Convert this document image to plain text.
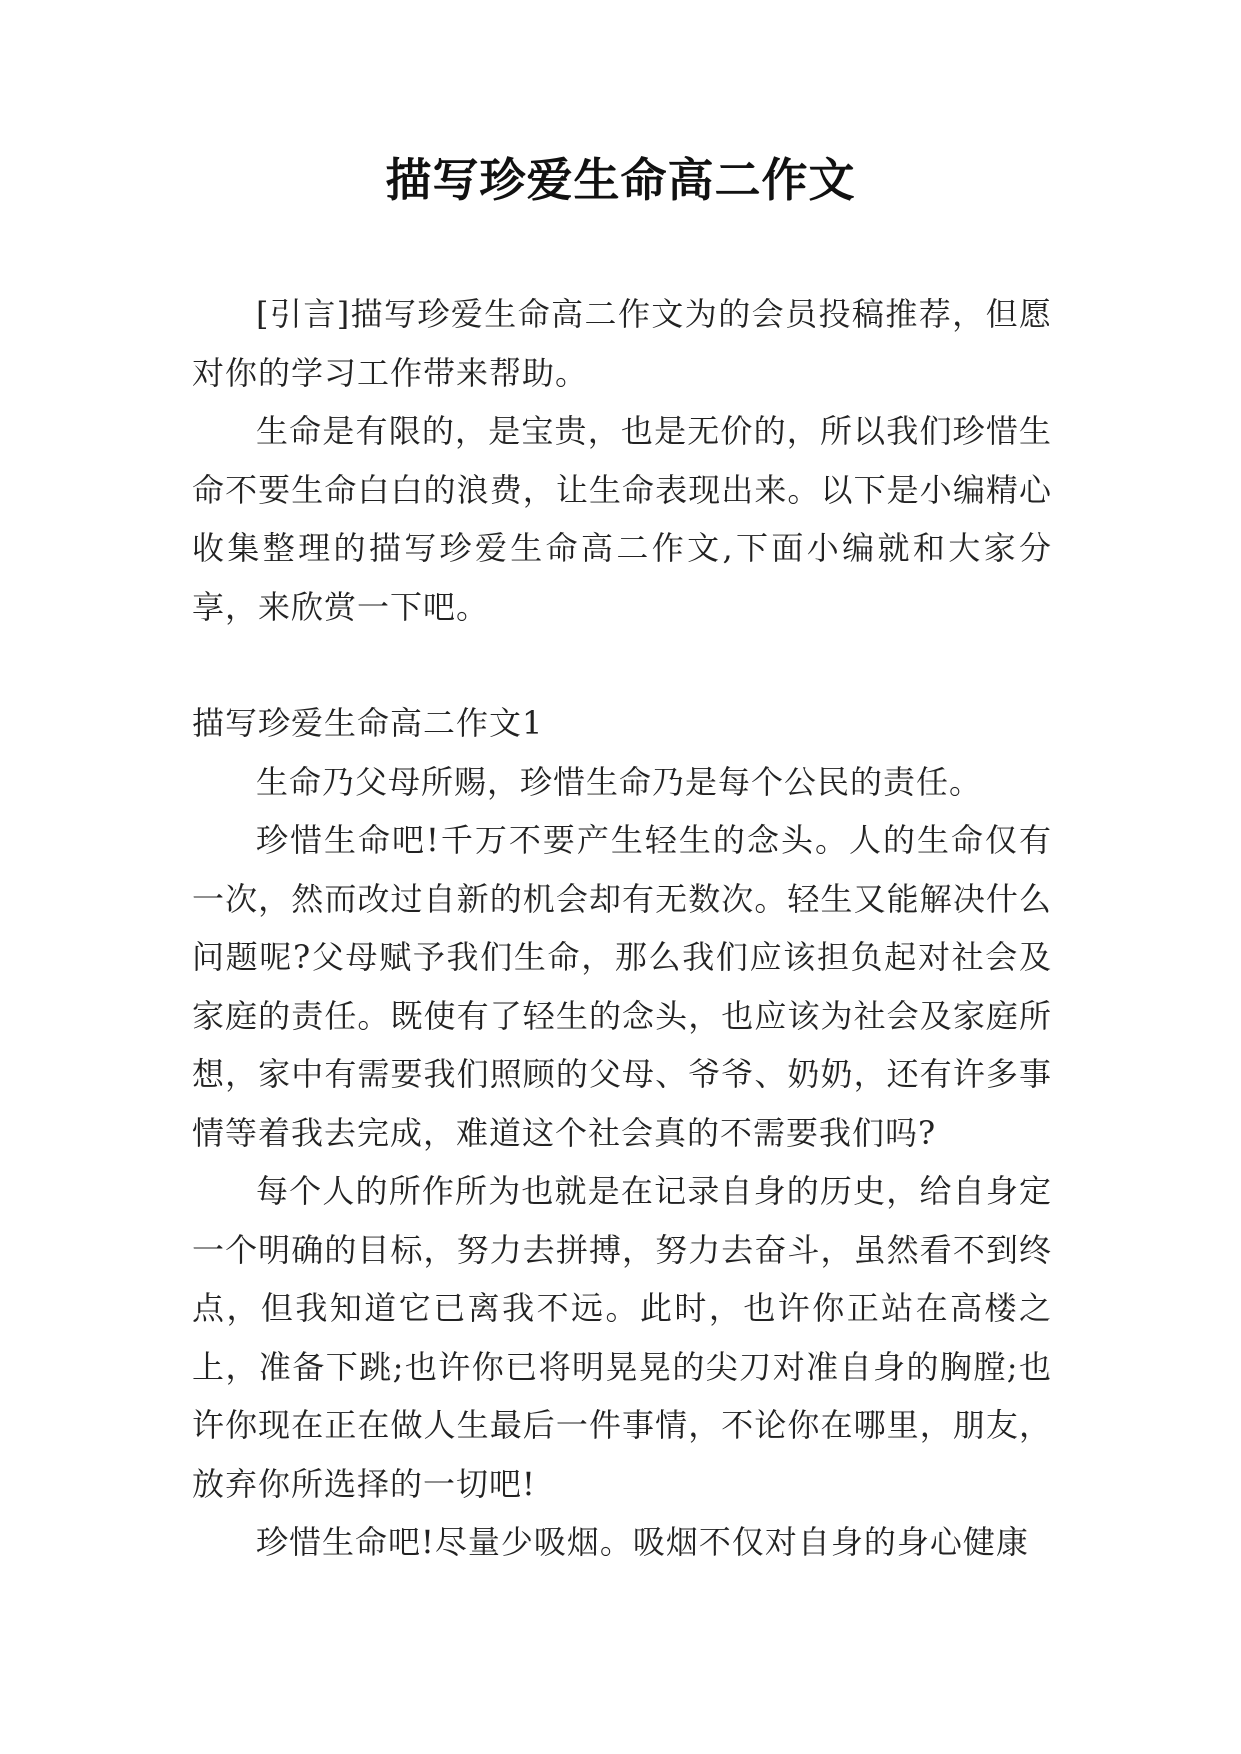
描写珍爱生命高二作文

[引言]描写珍爱生命高二作文为的会员投稿推荐，但愿对你的学习工作带来帮助。

生命是有限的，是宝贵，也是无价的，所以我们珍惜生命不要生命白白的浪费，让生命表现出来。以下是小编精心收集整理的描写珍爱生命高二作文,下面小编就和大家分享，来欣赏一下吧。

描写珍爱生命高二作文1

生命乃父母所赐，珍惜生命乃是每个公民的责任。

珍惜生命吧!千万不要产生轻生的念头。人的生命仅有一次，然而改过自新的机会却有无数次。轻生又能解决什么问题呢?父母赋予我们生命，那么我们应该担负起对社会及家庭的责任。既使有了轻生的念头，也应该为社会及家庭所想，家中有需要我们照顾的父母、爷爷、奶奶，还有许多事情等着我去完成，难道这个社会真的不需要我们吗?

每个人的所作所为也就是在记录自身的历史，给自身定一个明确的目标，努力去拼搏，努力去奋斗，虽然看不到终点，但我知道它已离我不远。此时，也许你正站在高楼之上，准备下跳;也许你已将明晃晃的尖刀对准自身的胸膛;也许你现在正在做人生最后一件事情，不论你在哪里，朋友，放弃你所选择的一切吧!

珍惜生命吧!尽量少吸烟。吸烟不仅对自身的身心健康
